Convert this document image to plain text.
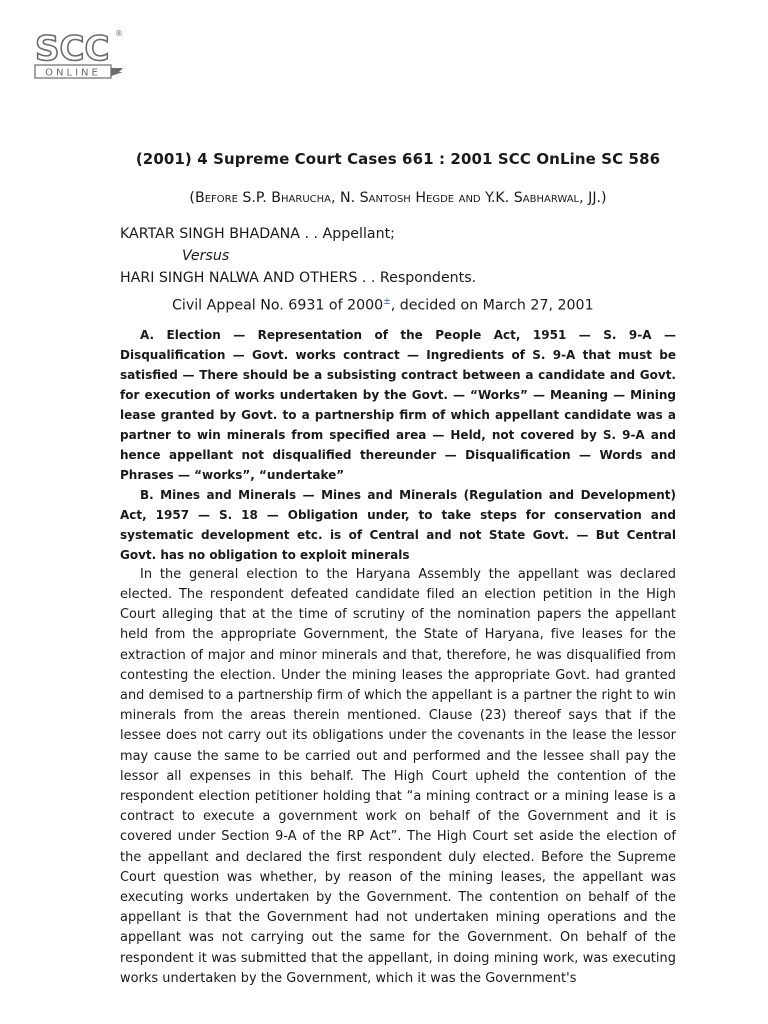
SCC ®
ONLINE
(2001) 4 Supreme Court Cases 661 : 2001 SCC OnLine SC 586
(Before S.P. Bharucha, N. Santosh Hegde and Y.K. Sabharwal, JJ.)
KARTAR SINGH BHADANA . . Appellant;
Versus
HARI SINGH NALWA AND OTHERS . . Respondents.
Civil Appeal No. 6931 of 2000±, decided on March 27, 2001
A. Election — Representation of the People Act, 1951 — S. 9-A — Disqualification — Govt. works contract — Ingredients of S. 9-A that must be satisfied — There should be a subsisting contract between a candidate and Govt. for execution of works undertaken by the Govt. — “Works” — Meaning — Mining lease granted by Govt. to a partnership firm of which appellant candidate was a partner to win minerals from specified area — Held, not covered by S. 9-A and hence appellant not disqualified thereunder — Disqualification — Words and Phrases — “works”, “undertake”
B. Mines and Minerals — Mines and Minerals (Regulation and Development) Act, 1957 — S. 18 — Obligation under, to take steps for conservation and systematic development etc. is of Central and not State Govt. — But Central Govt. has no obligation to exploit minerals
In the general election to the Haryana Assembly the appellant was declared elected. The respondent defeated candidate filed an election petition in the High Court alleging that at the time of scrutiny of the nomination papers the appellant held from the appropriate Government, the State of Haryana, five leases for the extraction of major and minor minerals and that, therefore, he was disqualified from contesting the election. Under the mining leases the appropriate Govt. had granted and demised to a partnership firm of which the appellant is a partner the right to win minerals from the areas therein mentioned. Clause (23) thereof says that if the lessee does not carry out its obligations under the covenants in the lease the lessor may cause the same to be carried out and performed and the lessee shall pay the lessor all expenses in this behalf. The High Court upheld the contention of the respondent election petitioner holding that “a mining contract or a mining lease is a contract to execute a government work on behalf of the Government and it is covered under Section 9-A of the RP Act”. The High Court set aside the election of the appellant and declared the first respondent duly elected. Before the Supreme Court question was whether, by reason of the mining leases, the appellant was executing works undertaken by the Government. The contention on behalf of the appellant is that the Government had not undertaken mining operations and the appellant was not carrying out the same for the Government. On behalf of the respondent it was submitted that the appellant, in doing mining work, was executing works undertaken by the Government, which it was the Government's
